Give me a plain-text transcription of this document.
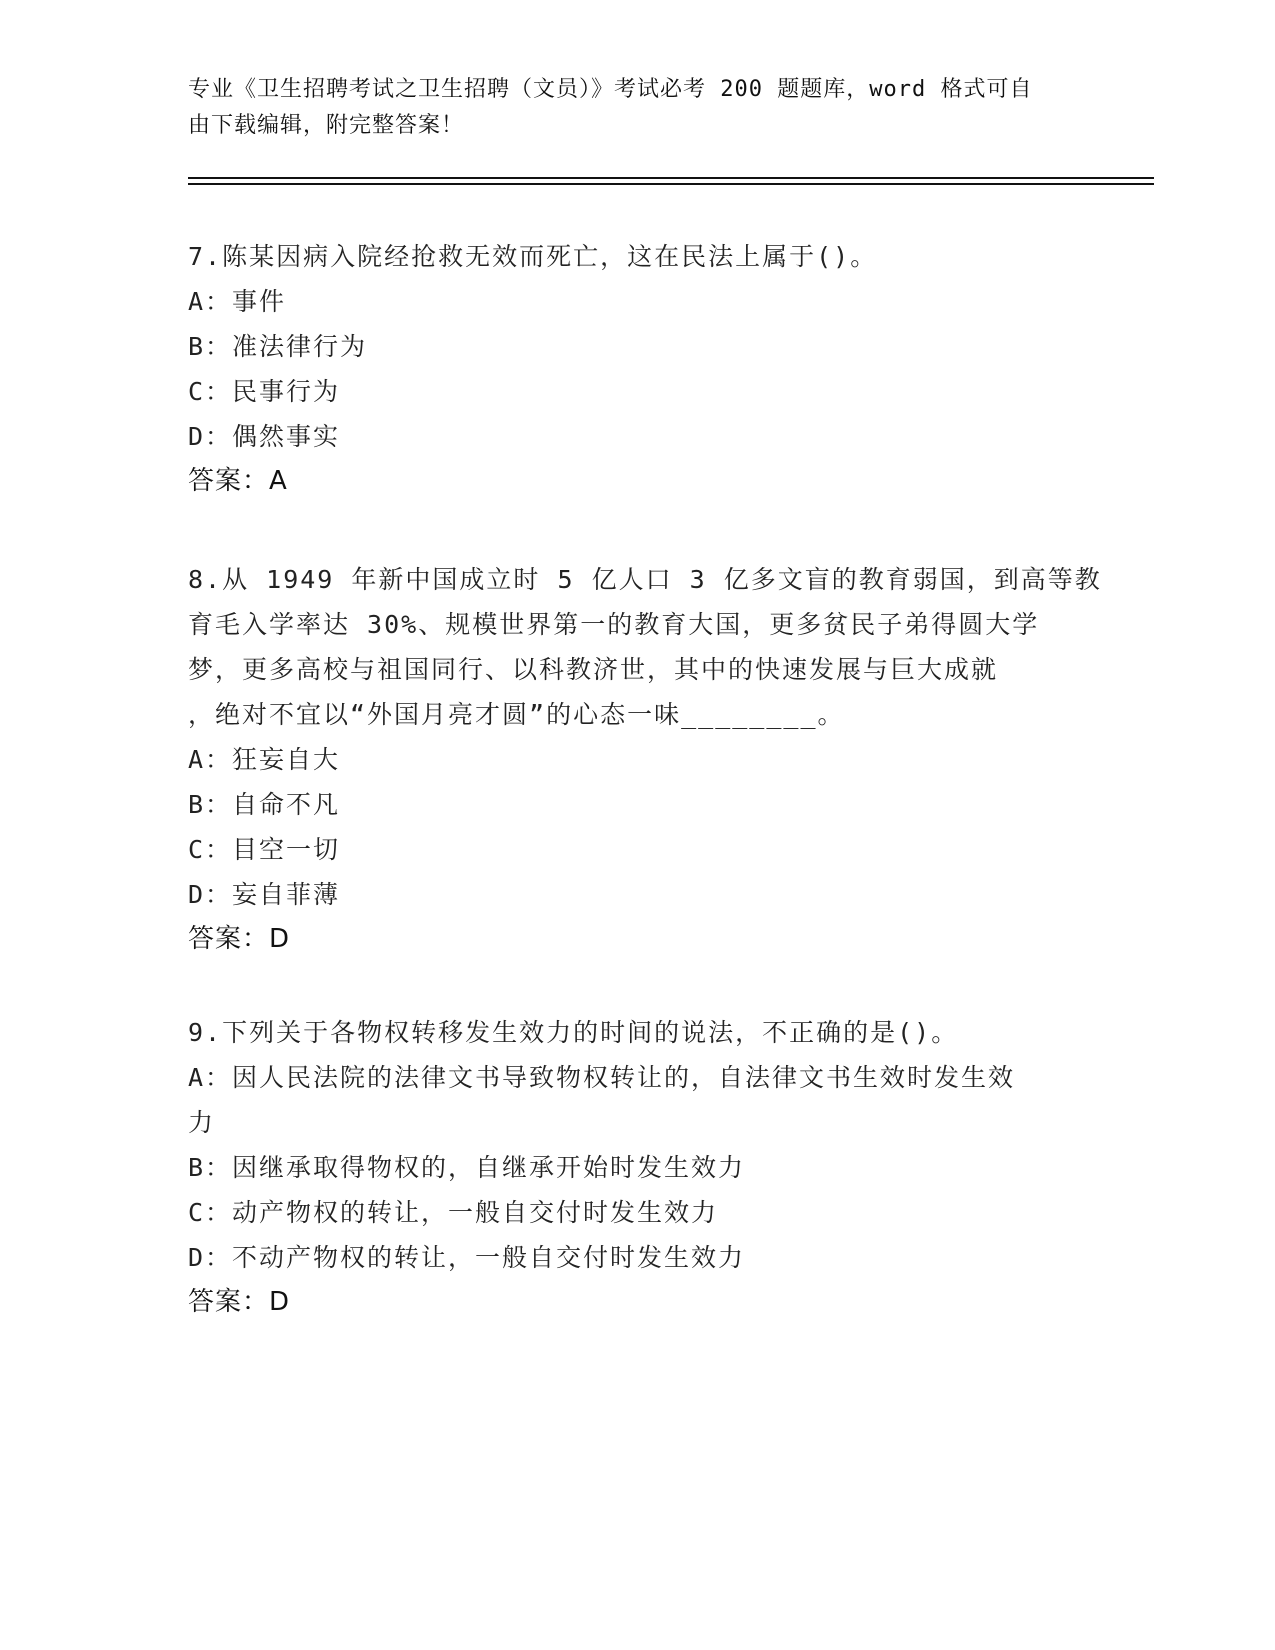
专业《卫生招聘考试之卫生招聘（文员）》考试必考 200 题题库，word 格式可自
由下载编辑，附完整答案！
7.陈某因病入院经抢救无效而死亡，这在民法上属于()。
A：事件
B：准法律行为
C：民事行为
D：偶然事实
答案：A
8.从 1949 年新中国成立时 5 亿人口 3 亿多文盲的教育弱国，到高等教
育毛入学率达 30%、规模世界第一的教育大国，更多贫民子弟得圆大学
梦，更多高校与祖国同行、以科教济世，其中的快速发展与巨大成就
，绝对不宜以“外国月亮才圆”的心态一味________。
A：狂妄自大
B：自命不凡
C：目空一切
D：妄自菲薄
答案：D
9.下列关于各物权转移发生效力的时间的说法，不正确的是()。
A：因人民法院的法律文书导致物权转让的，自法律文书生效时发生效
力
B：因继承取得物权的，自继承开始时发生效力
C：动产物权的转让，一般自交付时发生效力
D：不动产物权的转让，一般自交付时发生效力
答案：D
